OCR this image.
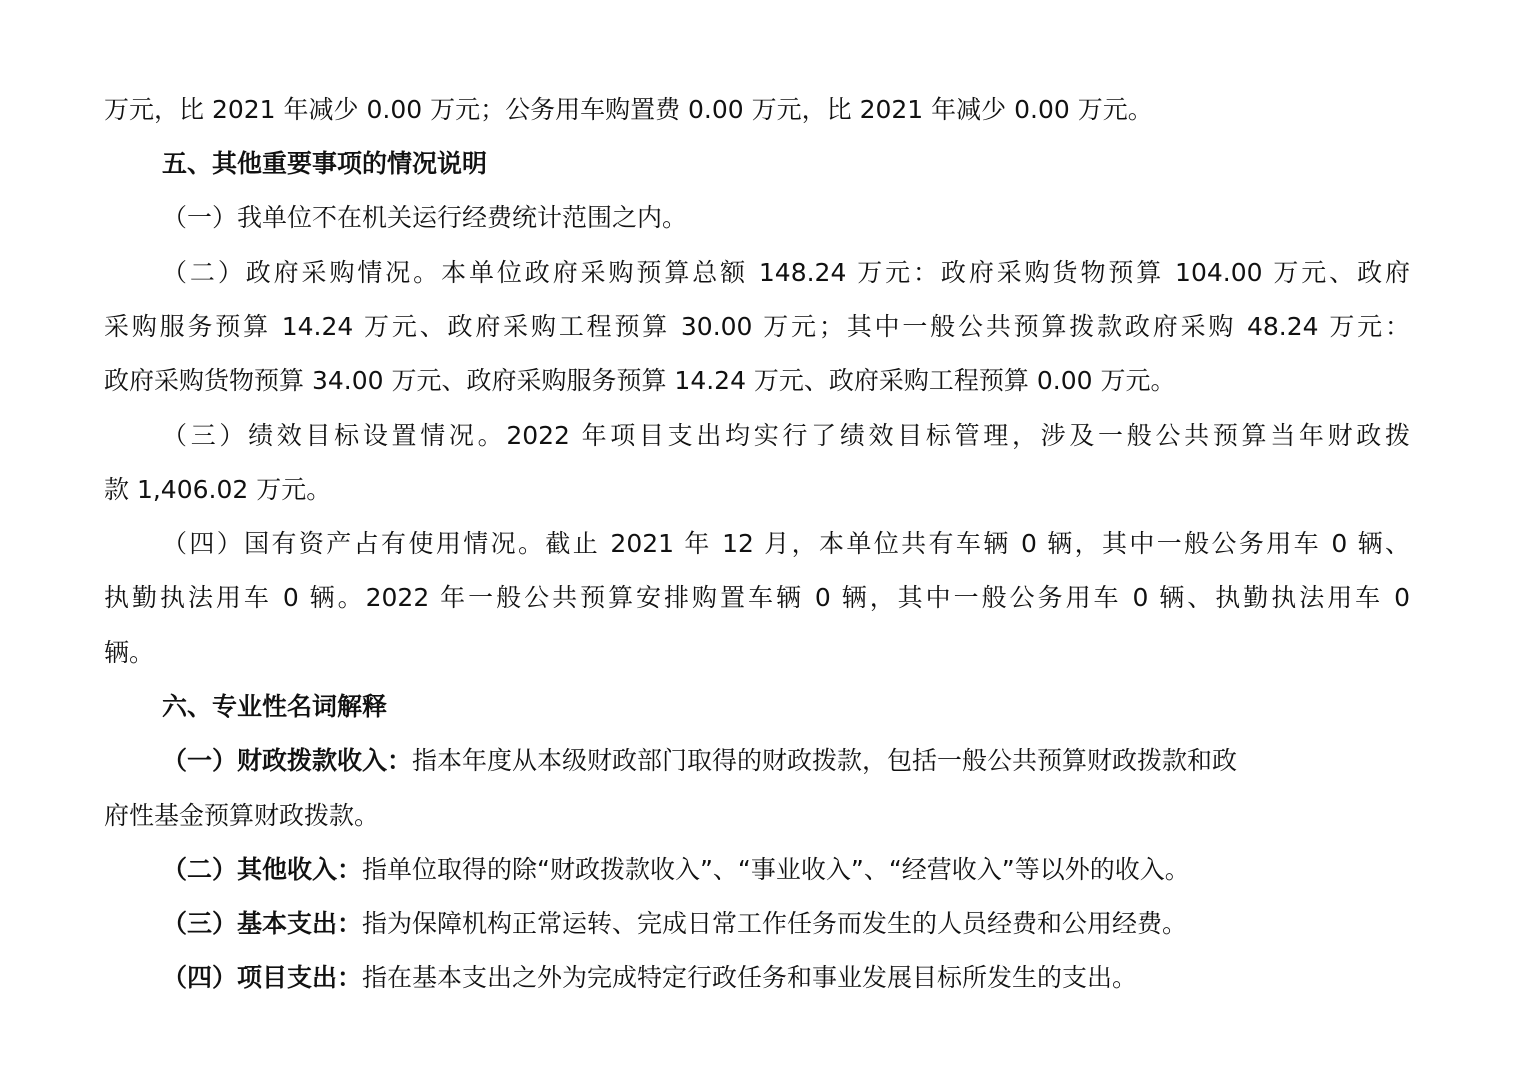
万元，比 2021 年减少 0.00 万元；公务用车购置费 0.00 万元，比 2021 年减少 0.00 万元。
五、其他重要事项的情况说明
（一）我单位不在机关运行经费统计范围之内。
（二）政府采购情况。本单位政府采购预算总额 148.24 万元：政府采购货物预算 104.00 万元、政府
采购服务预算 14.24 万元、政府采购工程预算 30.00 万元；其中一般公共预算拨款政府采购 48.24 万元：
政府采购货物预算 34.00 万元、政府采购服务预算 14.24 万元、政府采购工程预算 0.00 万元。
（三）绩效目标设置情况。2022 年项目支出均实行了绩效目标管理，涉及一般公共预算当年财政拨
款 1,406.02 万元。
（四）国有资产占有使用情况。截止 2021 年 12 月，本单位共有车辆 0 辆，其中一般公务用车 0 辆、
执勤执法用车 0 辆。2022 年一般公共预算安排购置车辆 0 辆，其中一般公务用车 0 辆、执勤执法用车 0
辆。
六、专业性名词解释
（一）财政拨款收入：指本年度从本级财政部门取得的财政拨款，包括一般公共预算财政拨款和政
府性基金预算财政拨款。
（二）其他收入：指单位取得的除“财政拨款收入”、“事业收入”、“经营收入”等以外的收入。
（三）基本支出：指为保障机构正常运转、完成日常工作任务而发生的人员经费和公用经费。
（四）项目支出：指在基本支出之外为完成特定行政任务和事业发展目标所发生的支出。
